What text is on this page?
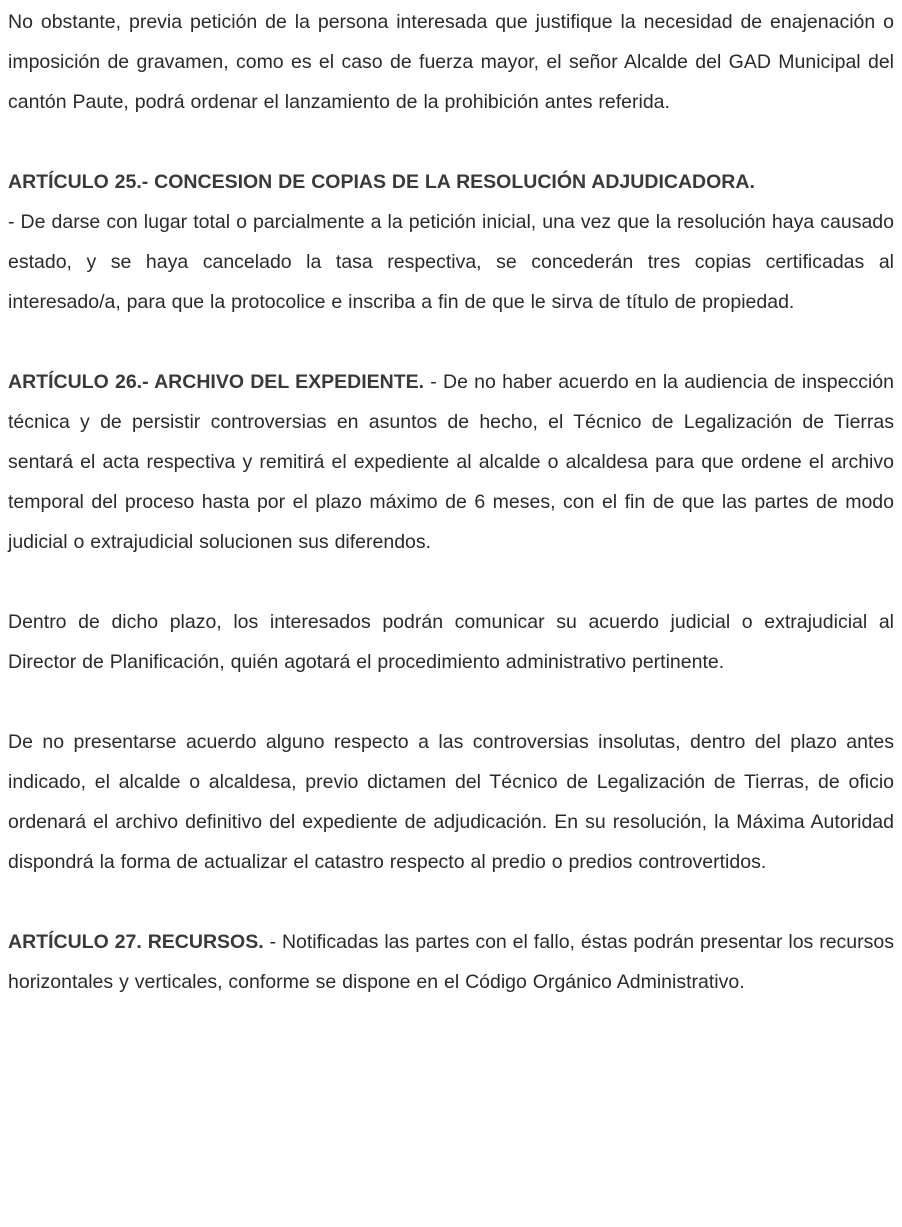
No obstante, previa petición de la persona interesada que justifique la necesidad de enajenación o imposición de gravamen, como es el caso de fuerza mayor, el señor Alcalde del GAD Municipal del cantón Paute, podrá ordenar el lanzamiento de la prohibición antes referida.

ARTÍCULO 25.- CONCESION DE COPIAS DE LA RESOLUCIÓN ADJUDICADORA.
- De darse con lugar total o parcialmente a la petición inicial, una vez que la resolución haya causado estado, y se haya cancelado la tasa respectiva, se concederán tres copias certificadas al interesado/a, para que la protocolice e inscriba a fin de que le sirva de título de propiedad.

ARTÍCULO 26.- ARCHIVO DEL EXPEDIENTE. - De no haber acuerdo en la audiencia de inspección técnica y de persistir controversias en asuntos de hecho, el Técnico de Legalización de Tierras sentará el acta respectiva y remitirá el expediente al alcalde o alcaldesa para que ordene el archivo temporal del proceso hasta por el plazo máximo de 6 meses, con el fin de que las partes de modo judicial o extrajudicial solucionen sus diferendos.

Dentro de dicho plazo, los interesados podrán comunicar su acuerdo judicial o extrajudicial al Director de Planificación, quién agotará el procedimiento administrativo pertinente.

De no presentarse acuerdo alguno respecto a las controversias insolutas, dentro del plazo antes indicado, el alcalde o alcaldesa, previo dictamen del Técnico de Legalización de Tierras, de oficio ordenará el archivo definitivo del expediente de adjudicación. En su resolución, la Máxima Autoridad dispondrá la forma de actualizar el catastro respecto al predio o predios controvertidos.

ARTÍCULO 27. RECURSOS. - Notificadas las partes con el fallo, éstas podrán presentar los recursos horizontales y verticales, conforme se dispone en el Código Orgánico Administrativo.
